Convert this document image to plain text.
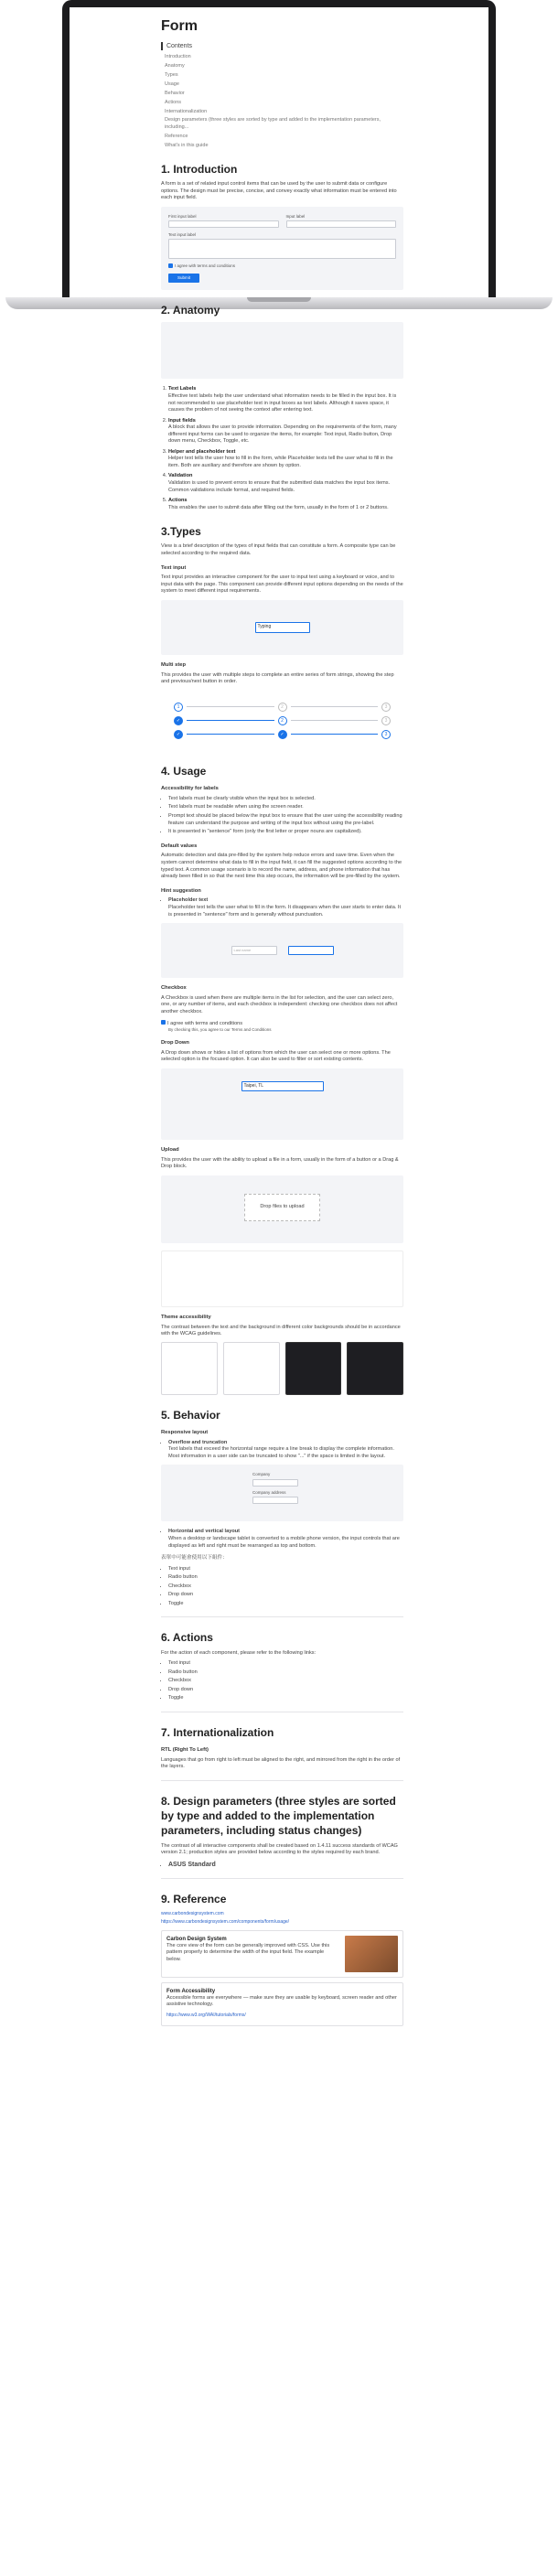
Form
Contents
Introduction
Anatomy
Types
Usage
Behavior
Actions
Internationalization
Design parameters (three styles are sorted by type and added to the implementation parameters, including...
Reference
What's in this guide
1. Introduction

A form is a set of related input control items that can be used by the user to submit data or configure options. The design must be precise, concise, and convey exactly what information must be entered into each input field.

First input label	Input label
Text input label
I agree with terms and conditions
Submit
2. Anatomy
1. Text Labels
Effective text labels help the user understand what information needs to be filled in the input box. It is not recommended to use placeholder text in input boxes as text labels. Although it saves space, it causes the problem of not seeing the context after entering text.
2. Input fields
A block that allows the user to provide information. Depending on the requirements of the form, many different input forms can be used to organize the items, for example: Text input, Radio button, Drop down menu, Checkbox, Toggle, etc.
3. Helper and placeholder text
Helper text tells the user how to fill in the form, while Placeholder texts tell the user what to fill in the item. Both are auxiliary and therefore are shown by option.
4. Validation
Validation is used to prevent errors to ensure that the submitted data matches the input box items. Common validations include format, and required fields.
5. Actions
This enables the user to submit data after filling out the form, usually in the form of 1 or 2 buttons.
3.Types

View is a brief description of the types of input fields that can constitute a form. A composite type can be selected according to the required data.

Text input

Text input provides an interactive component for the user to input text using a keyboard or voice, and to input data with the page. This component can provide different input options depending on the needs of the system to meet different input requirements.

Typing
Multi step

This provides the user with multiple steps to complete an entire series of form strings, showing the step and previous/next button in order.

1	2	3
✓	2	3
✓	✓	3
4. Usage
Accessibility for labels
• Text labels must be clearly visible when the input box is selected.
• Text labels must be readable when using the screen reader.
• Prompt text should be placed below the input box to ensure that the user using the accessibility reading feature can understand the purpose and writing of the input box without using the pre-label.
• It is presented in "sentence" form (only the first letter or proper nouns are capitalized).
Default values

Automatic detection and data pre-filled by the system help reduce errors and save time. Even when the system cannot determine what data to fill in the input field, it can fill the suggested options according to the typed text. A common usage scenario is to record the name, address, and phone information that has already been filled in so that the next time this step occurs, the information will be pre-filled by the system.

Hint suggestion
• Placeholder text
Placeholder text tells the user what to fill in the form. It disappears when the user starts to enter data. It is presented in "sentence" form and is generally without punctuation.
Last name
Checkbox

A Checkbox is used when there are multiple items in the list for selection, and the user can select zero, one, or any number of items, and each checkbox is independent: checking one checkbox does not affect another checkbox.

I agree with terms and conditions
By checking this, you agree to our Terms and Conditions
Drop Down

A Drop down shows or hides a list of options from which the user can select one or more options. The selected option is the focused option. It can also be used to filter or sort existing contents.

Taipei, TL
Upload

This provides the user with the ability to upload a file in a form, usually in the form of a button or a Drag & Drop block.

Drop files to upload
Theme accessibility

The contrast between the text and the background in different color backgrounds should be in accordance with the WCAG guidelines.

5. Behavior
Responsive layout
• Overflow and truncation
Text labels that exceed the horizontal range require a line break to display the complete information. Most information in a user side can be truncated to show "..." if the space is limited in the layout.
Company
Company address
• Horizontal and vertical layout
When a desktop or landscape tablet is converted to a mobile phone version, the input controls that are displayed as left and right must be rearranged as top and bottom.
表單中可能會使用以下組件：
• Text input
• Radio button
• Checkbox
• Drop down
• Toggle
6. Actions

For the action of each component, please refer to the following links:

• Text input
• Radio button
• Checkbox
• Drop down
• Toggle
7. Internationalization
RTL (Right To Left)

Languages that go from right to left must be aligned to the right, and mirrored from the right in the order of the layers.

8. Design parameters (three styles are sorted by type and added to the implementation parameters, including status changes)

The contrast of all interactive components shall be created based on 1.4.11 success standards of WCAG version 2.1; production styles are provided below according to the styles required by each brand.

• ASUS Standard
9. Reference
www.carbondesignsystem.com
https://www.carbondesignsystem.com/components/form/usage/
Carbon Design System
The core view of the form can be generally improved with CSS. Use this pattern properly to determine the width of the input field. The example below.
Form Accessibility
Accessible forms are everywhere — make sure they are usable by keyboard, screen reader and other assistive technology.
https://www.w3.org/WAI/tutorials/forms/
